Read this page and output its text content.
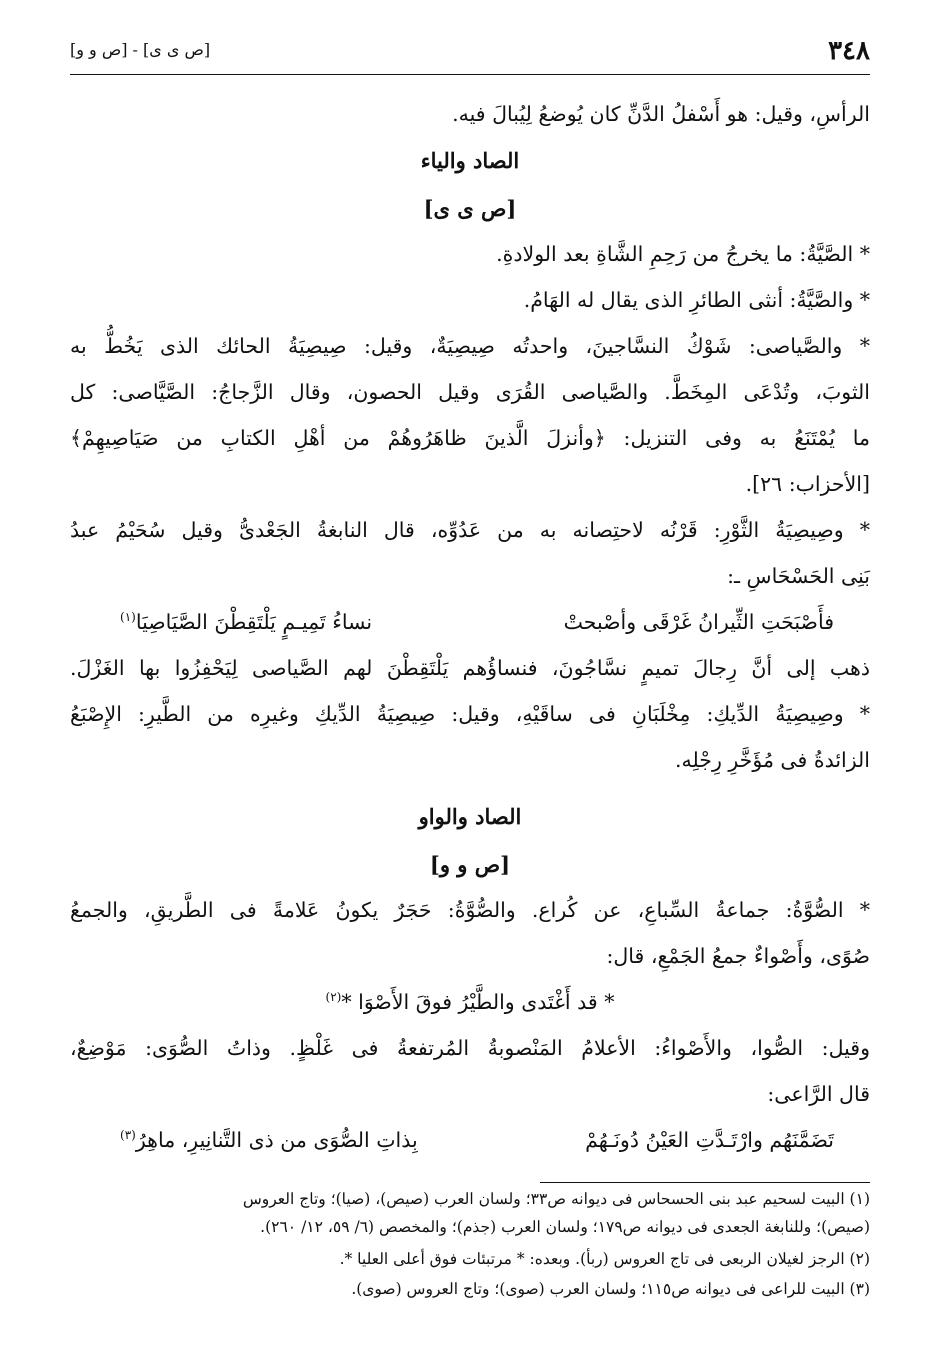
٣٤٨
[ص ى ى] - [ص و و]
الرأسِ، وقيل: هو أَسْفلُ الدَّنِّ كان يُوضعُ لِيُبالَ فيه.
الصاد والياء
[ص ى ى]
* الصَّيَّةُ: ما يخرجُ من رَحِمِ الشَّاةِ بعد الولادةِ.
* والصَّيَّةُ: أنثى الطائرِ الذى يقال له الهَامُ.
* والصَّياصى: شَوْكُ النسَّاجينَ، واحدتُه صِيصِيَةٌ، وقيل: صِيصِيَةُ الحائك الذى يَخُطُّ به
الثوبَ، وتُدْعَى المِخَطَّ. والصَّياصى القُرَى وقيل الحصون، وقال الزَّجاجُ: الصَّيَّاصى: كل
ما يُمْتَنَعُ به وفى التنزيل: ﴿وأنزلَ الَّذينَ ظاهَرُوهُمْ من أهْلِ الكتابِ من صَيَاصِيهِمْ﴾
[الأحزاب: ٢٦].
* وصِيصِيَةُ الثَّوْرِ: قَرْنُه لاحتِصانه به من عَدُوِّه، قال النابغةُ الجَعْدىُّ وقيل سُحَيْمُ عبدُ
بَنِى الحَسْحَاسِ ـ:
فأَصْبَحَتِ الثِّيرانُ غَرْقَى وأصْبحتْ
نساءُ تَمِيـمٍ يَلْتَقِطْنَ الصَّيَاصِيَا$^{(١)}$
ذهب إلى أنَّ رِجالَ تميمٍ نسَّاجُونَ، فنساؤُهم يَلْتَقِطْنَ لهم الصَّياصى لِيَحْفِزُوا بها الغَزْلَ.
* وصِيصِيَةُ الدِّيكِ: مِخْلَبَانِ فى ساقَيْهِ، وقيل: صِيصِيَةُ الدِّيكِ وغيرِه من الطَّيرِ: الإِصْبَعُ
الزائدةُ فى مُؤَخَّرِ رِجْلِه.
الصاد والواو
[ص و و]
* الصُّوَّةُ: جماعةُ السِّباعِ، عن كُراع. والصُّوَّةُ: حَجَرٌ يكونُ عَلامةً فى الطَّريقِ، والجمعُ
صُوًى، وأَصْواءٌ جمعُ الجَمْعِ، قال:
* قد أَغْتَدى والطَّيْرُ فوقَ الأَصْوَا *$^{(٢)}$
وقيل: الصُّوا، والأَصْواءُ: الأعلامُ المَنْصوبةُ المُرتفعةُ فى غَلْظٍ. وذاتُ الصُّوَى: مَوْضِعٌ،
قال الرَّاعى:
تَضَمَّنَهُم وارْتَـدَّتِ العَيْنُ دُونَـهُمْ
بِذاتِ الصُّوَى من ذى التَّنانِيرِ، ماهِرُ$^{(٣)}$
(١) البيت لسحيم عبد بنى الحسحاس فى ديوانه ص٣٣؛ ولسان العرب (صيص)، (صيا)؛ وتاج العروس
(صيص)؛ وللنابغة الجعدى فى ديوانه ص١٧٩؛ ولسان العرب (جذم)؛ والمخصص (٦/ ٥٩، ١٢/ ٢٦٠).
(٢) الرجز لغيلان الربعى فى تاج العروس (ربأ). وبعده: * مرتبئات فوق أعلى العليا *.
(٣) البيت للراعى فى ديوانه ص١١٥؛ ولسان العرب (صوى)؛ وتاج العروس (صوى).
